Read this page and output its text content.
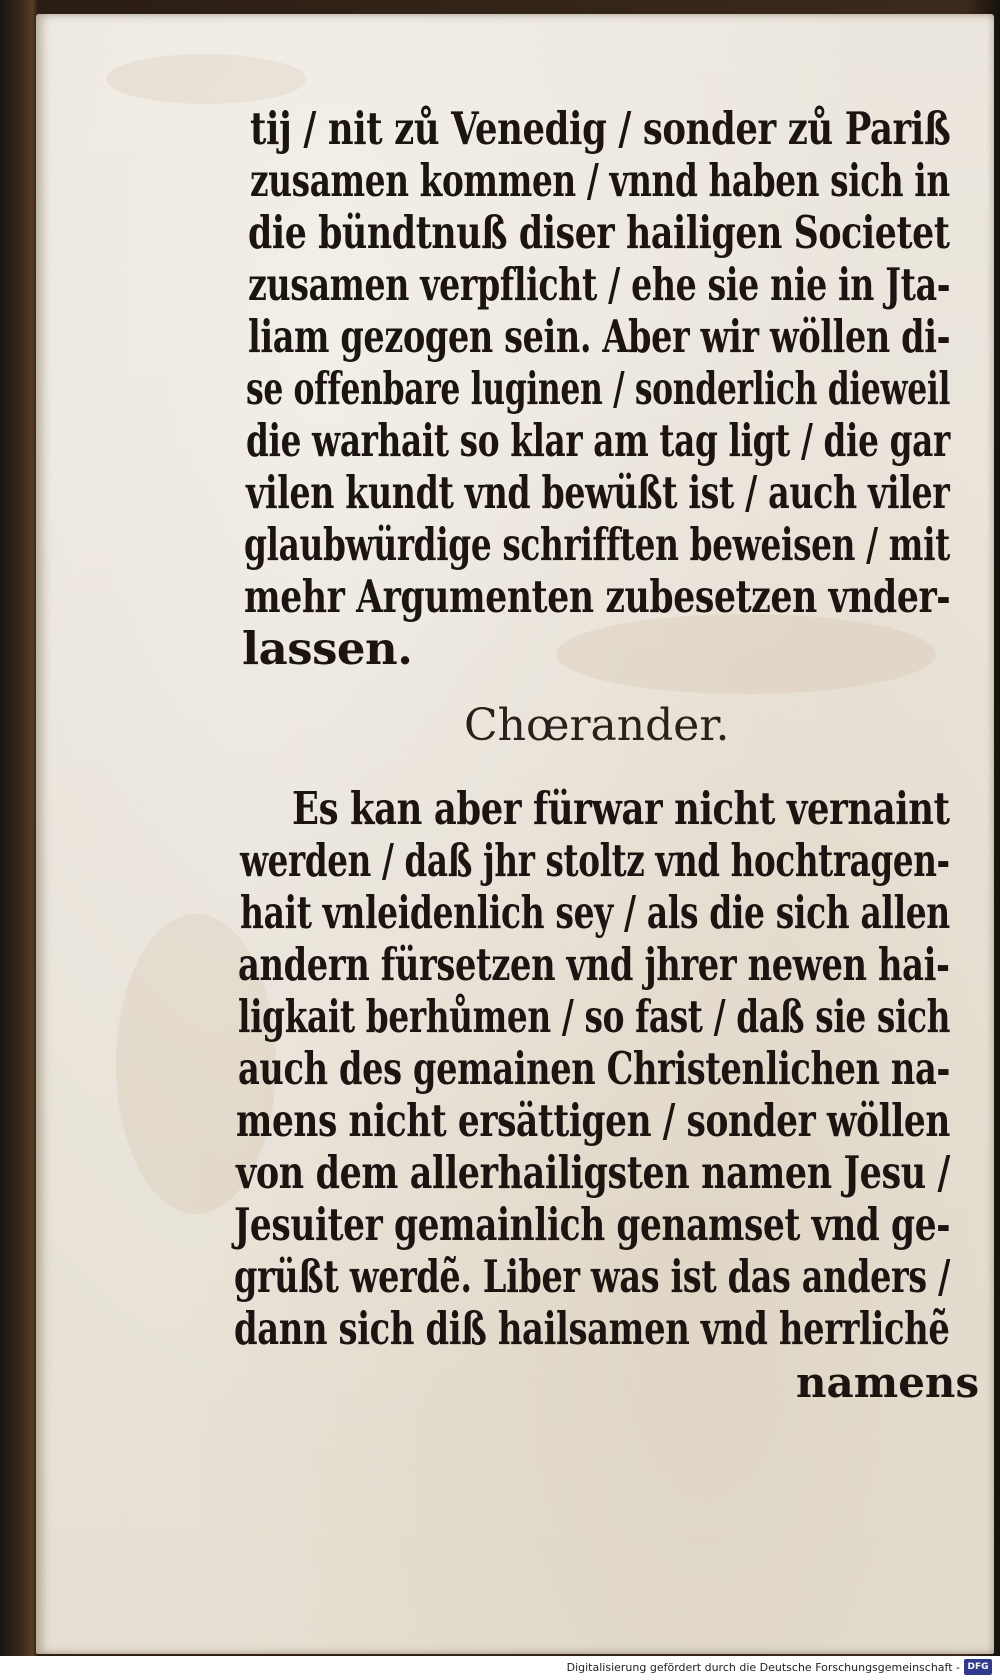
tij / nit zů Venedig / sonder zů Pariß
zusamen kommen / vnnd haben sich in
die bündtnuß diser hailigen Societet
zusamen verpflicht / ehe sie nie in Jta-
liam gezogen sein. Aber wir wöllen di-
se offenbare luginen / sonderlich dieweil
die warhait so klar am tag ligt / die gar
vilen kundt vnd bewüßt ist / auch viler
glaubwürdige schrifften beweisen / mit
mehr Argumenten zubesetzen vnder-
lassen.
Chœrander.
Es kan aber fürwar nicht vernaint
werden / daß jhr stoltz vnd hochtragen-
hait vnleidenlich sey / als die sich allen
andern fürsetzen vnd jhrer newen hai-
ligkait berhůmen / so fast / daß sie sich
auch des gemainen Christenlichen na-
mens nicht ersättigen / sonder wöllen
von dem allerhailigsten namen Jesu /
Jesuiter gemainlich genamset vnd ge-
grüßt werdẽ. Liber was ist das anders /
dann sich diß hailsamen vnd herrlichẽ
namens
Digitalisierung gefördert durch die Deutsche Forschungsgemeinschaft - DFG
